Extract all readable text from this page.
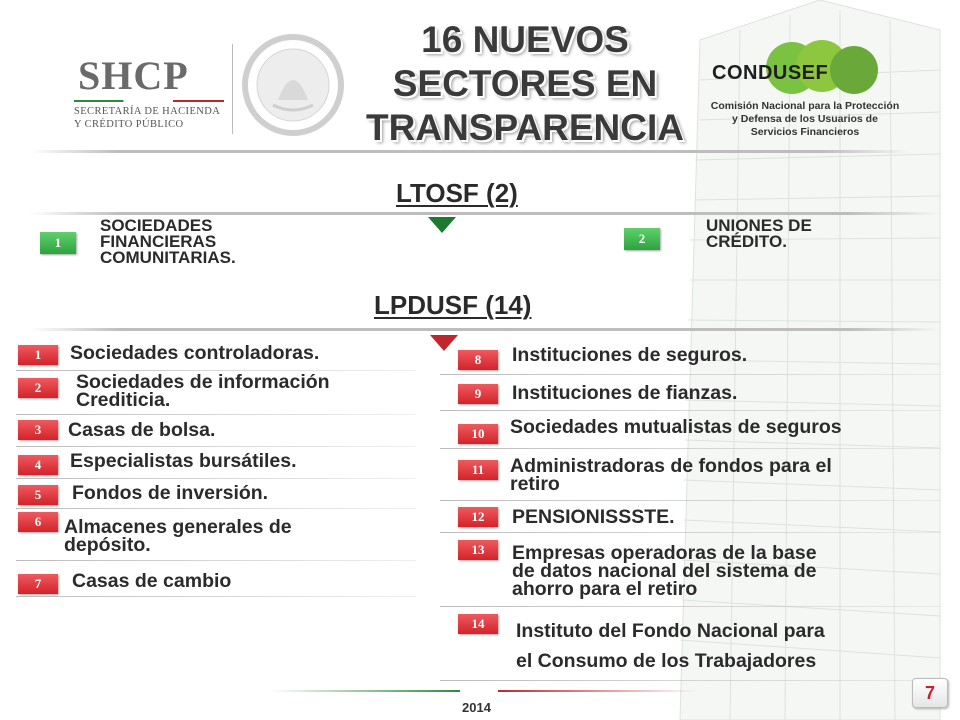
SHCP
SECRETARÍA DE HACIENDA
Y CRÉDITO PÚBLICO
16 NUEVOS
SECTORES EN
TRANSPARENCIA
CONDUSEF
Comisión Nacional para la Protección
y Defensa de los Usuarios de
Servicios Financieros
LTOSF (2)
1
SOCIEDADES
FINANCIERAS
COMUNITARIAS.
2
UNIONES DE
CRÉDITO.
LPDUSF (14)
1	Sociedades controladoras.
2	Sociedades de información
Crediticia.
3	Casas de bolsa.
4	Especialistas bursátiles.
5	Fondos de inversión.
6	Almacenes generales de
depósito.
7	Casas de cambio
8	Instituciones de seguros.
9	Instituciones de fianzas.
10	Sociedades mutualistas de seguros
11	Administradoras de fondos para el
retiro
12	PENSIONISSSTE.
13	Empresas operadoras de la base
de datos nacional del sistema de
ahorro para el retiro
14	Instituto del Fondo Nacional para
el Consumo de los Trabajadores
7
2014
